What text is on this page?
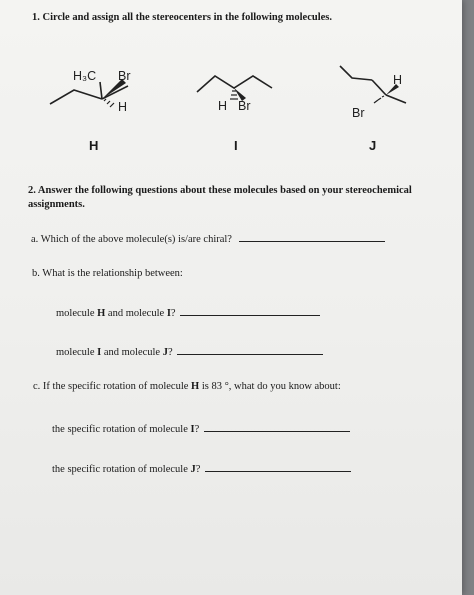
1. Circle and assign all the stereocenters in the following molecules.
H₃C Br
H	H Br
H
Br
H	I	J
2. Answer the following questions about these molecules based on your stereochemical assignments.
a. Which of the above molecule(s) is/are chiral?
b. What is the relationship between:
molecule H and molecule I?
molecule I and molecule J?
c. If the specific rotation of molecule H is 83 °, what do you know about:
the specific rotation of molecule I?
the specific rotation of molecule J?
